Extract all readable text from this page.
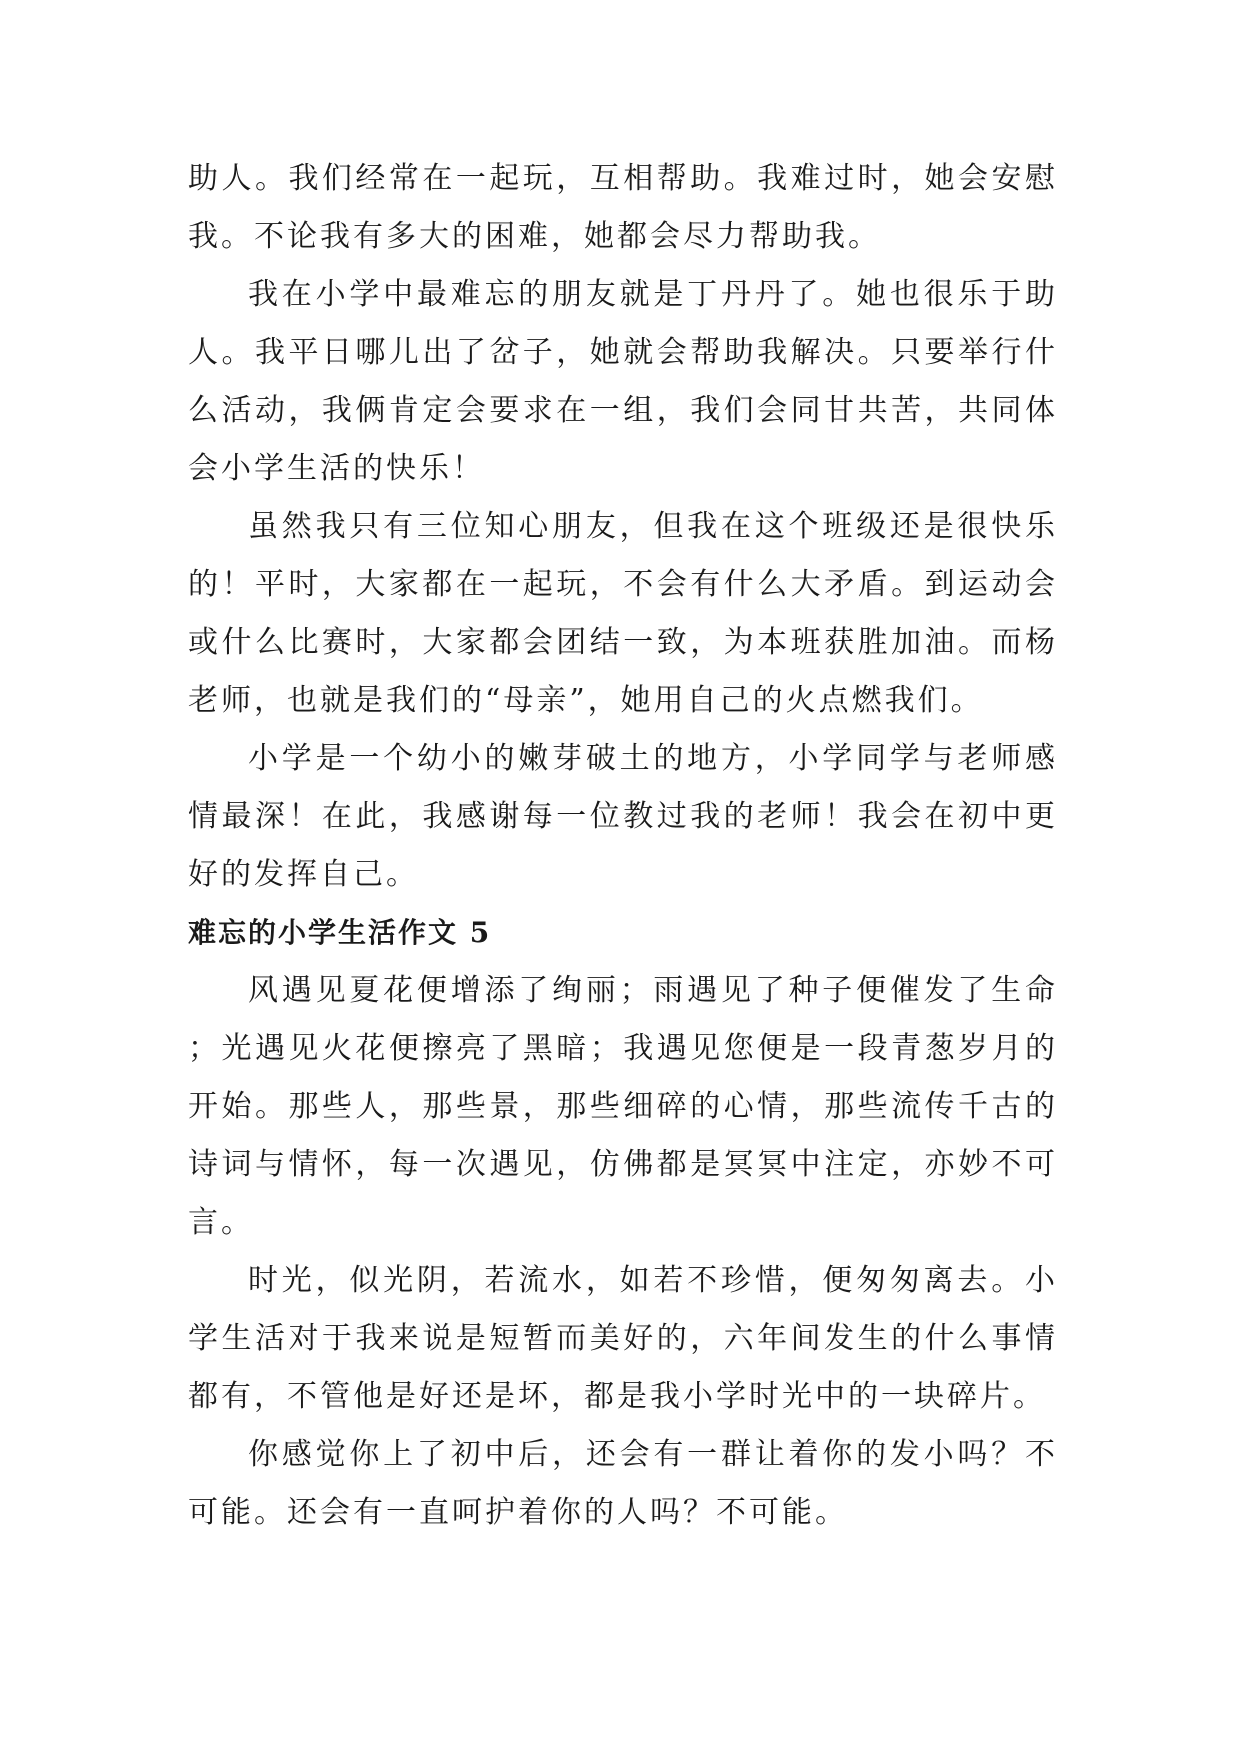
助人。我们经常在一起玩，互相帮助。我难过时，她会安慰我。不论我有多大的困难，她都会尽力帮助我。

我在小学中最难忘的朋友就是丁丹丹了。她也很乐于助人。我平日哪儿出了岔子，她就会帮助我解决。只要举行什么活动，我俩肯定会要求在一组，我们会同甘共苦，共同体会小学生活的快乐！

虽然我只有三位知心朋友，但我在这个班级还是很快乐的！平时，大家都在一起玩，不会有什么大矛盾。到运动会或什么比赛时，大家都会团结一致，为本班获胜加油。而杨老师，也就是我们的“母亲”，她用自己的火点燃我们。

小学是一个幼小的嫩芽破土的地方，小学同学与老师感情最深！在此，我感谢每一位教过我的老师！我会在初中更好的发挥自己。

难忘的小学生活作文 5

风遇见夏花便增添了绚丽；雨遇见了种子便催发了生命 ；光遇见火花便擦亮了黑暗；我遇见您便是一段青葱岁月的开始。那些人，那些景，那些细碎的心情，那些流传千古的诗词与情怀，每一次遇见，仿佛都是冥冥中注定，亦妙不可言。

时光，似光阴，若流水，如若不珍惜，便匆匆离去。小学生活对于我来说是短暂而美好的，六年间发生的什么事情都有，不管他是好还是坏，都是我小学时光中的一块碎片。

你感觉你上了初中后，还会有一群让着你的发小吗？不可能。还会有一直呵护着你的人吗？不可能。
